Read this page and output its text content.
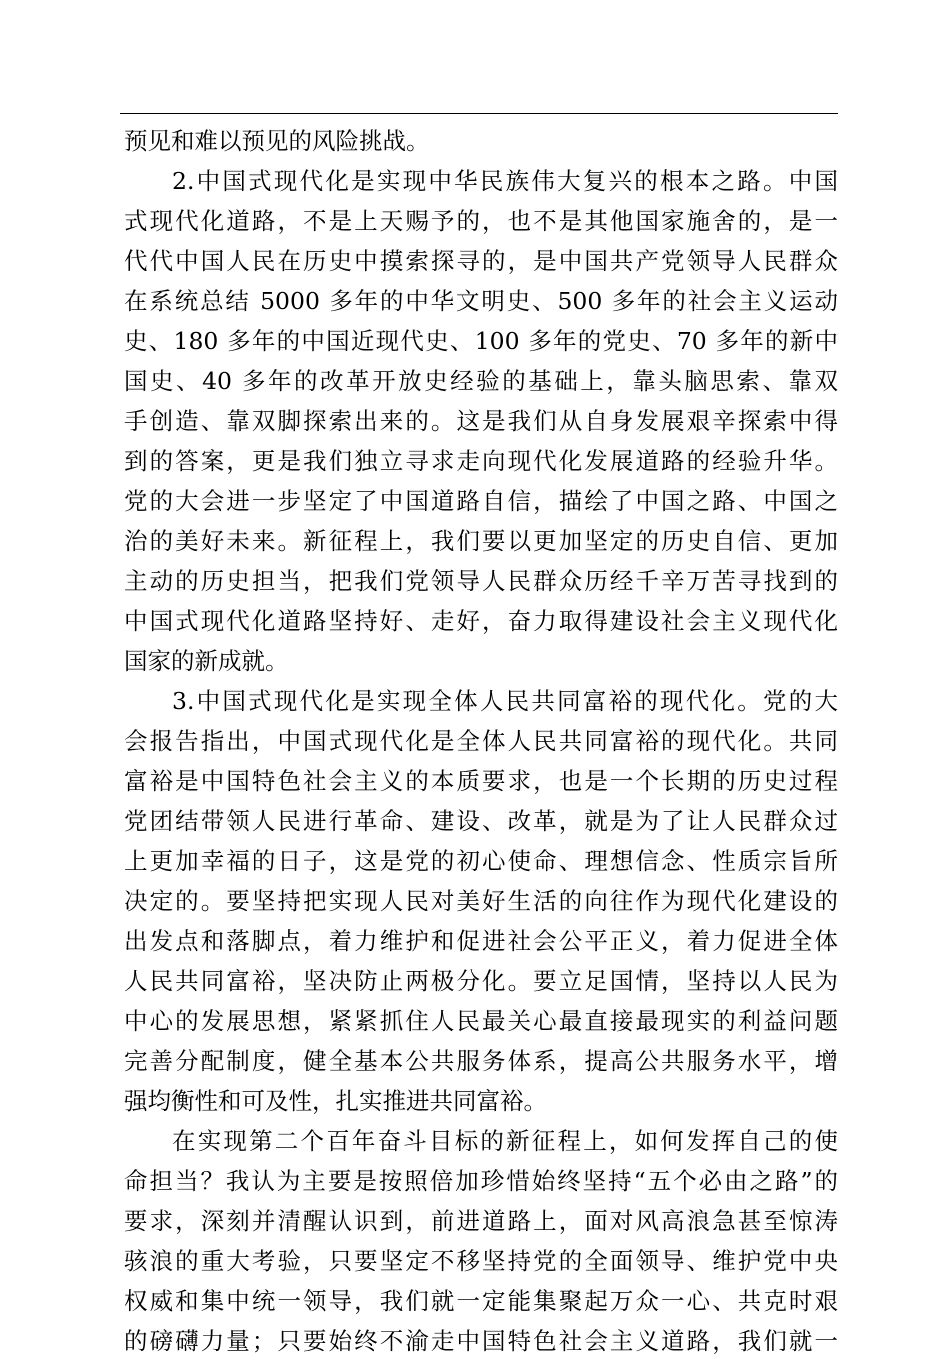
预见和难以预见的风险挑战。
2.中国式现代化是实现中华民族伟大复兴的根本之路。中国
式现代化道路，不是上天赐予的，也不是其他国家施舍的，是一
代代中国人民在历史中摸索探寻的，是中国共产党领导人民群众
在系统总结 5000 多年的中华文明史、500 多年的社会主义运动
史、180 多年的中国近现代史、100 多年的党史、70 多年的新中
国史、40 多年的改革开放史经验的基础上，靠头脑思索、靠双
手创造、靠双脚探索出来的。这是我们从自身发展艰辛探索中得
到的答案，更是我们独立寻求走向现代化发展道路的经验升华。
党的大会进一步坚定了中国道路自信，描绘了中国之路、中国之
治的美好未来。新征程上，我们要以更加坚定的历史自信、更加
主动的历史担当，把我们党领导人民群众历经千辛万苦寻找到的
中国式现代化道路坚持好、走好，奋力取得建设社会主义现代化
国家的新成就。
3.中国式现代化是实现全体人民共同富裕的现代化。党的大
会报告指出，中国式现代化是全体人民共同富裕的现代化。共同
富裕是中国特色社会主义的本质要求，也是一个长期的历史过程
党团结带领人民进行革命、建设、改革，就是为了让人民群众过
上更加幸福的日子，这是党的初心使命、理想信念、性质宗旨所
决定的。要坚持把实现人民对美好生活的向往作为现代化建设的
出发点和落脚点，着力维护和促进社会公平正义，着力促进全体
人民共同富裕，坚决防止两极分化。要立足国情，坚持以人民为
中心的发展思想，紧紧抓住人民最关心最直接最现实的利益问题
完善分配制度，健全基本公共服务体系，提高公共服务水平，增
强均衡性和可及性，扎实推进共同富裕。
在实现第二个百年奋斗目标的新征程上，如何发挥自己的使
命担当？我认为主要是按照倍加珍惜始终坚持“五个必由之路”的
要求，深刻并清醒认识到，前进道路上，面对风高浪急甚至惊涛
骇浪的重大考验，只要坚定不移坚持党的全面领导、维护党中央
权威和集中统一领导，我们就一定能集聚起万众一心、共克时艰
的磅礴力量；只要始终不渝走中国特色社会主义道路，我们就一
